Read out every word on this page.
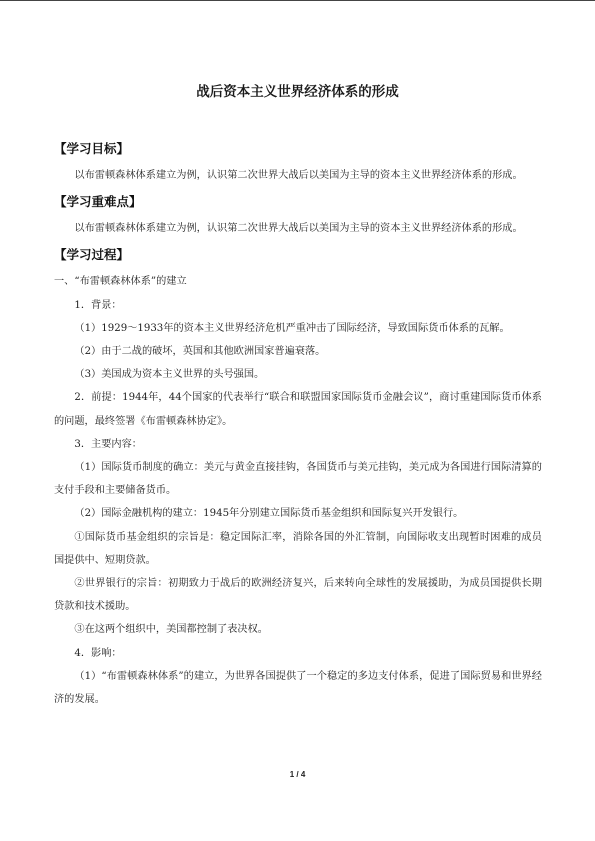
战后资本主义世界经济体系的形成

【学习目标】

以布雷顿森林体系建立为例，认识第二次世界大战后以美国为主导的资本主义世界经济体系的形成。

【学习重难点】

以布雷顿森林体系建立为例，认识第二次世界大战后以美国为主导的资本主义世界经济体系的形成。

【学习过程】

一、“布雷顿森林体系”的建立

1．背景：

（1）1929～1933年的资本主义世界经济危机严重冲击了国际经济，导致国际货币体系的瓦解。

（2）由于二战的破坏，英国和其他欧洲国家普遍衰落。

（3）美国成为资本主义世界的头号强国。

2．前提：1944年，44个国家的代表举行“联合和联盟国家国际货币金融会议”，商讨重建国际货币体系的问题，最终签署《布雷顿森林协定》。

3．主要内容：

（1）国际货币制度的确立：美元与黄金直接挂钩，各国货币与美元挂钩，美元成为各国进行国际清算的支付手段和主要储备货币。

（2）国际金融机构的建立：1945年分别建立国际货币基金组织和国际复兴开发银行。

①国际货币基金组织的宗旨是：稳定国际汇率，消除各国的外汇管制，向国际收支出现暂时困难的成员国提供中、短期贷款。

②世界银行的宗旨：初期致力于战后的欧洲经济复兴，后来转向全球性的发展援助，为成员国提供长期贷款和技术援助。

③在这两个组织中，美国都控制了表决权。

4．影响：

（1）“布雷顿森林体系”的建立，为世界各国提供了一个稳定的多边支付体系，促进了国际贸易和世界经济的发展。

1 / 4
